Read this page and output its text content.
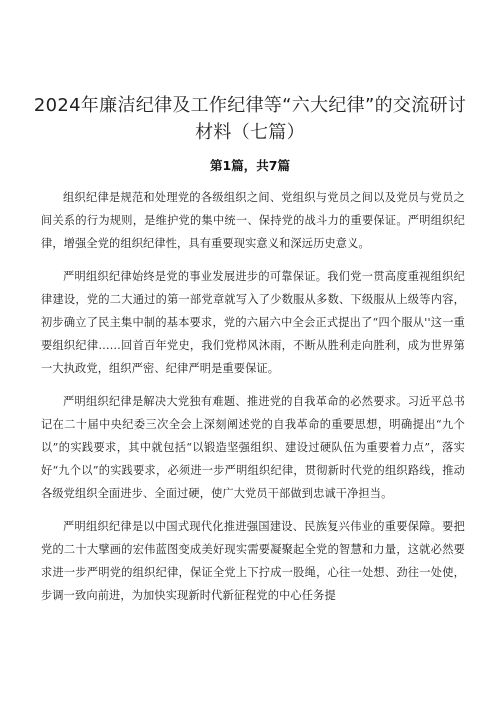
2024年廉洁纪律及工作纪律等“六大纪律”的交流研讨
材料（七篇）
第1篇，共7篇

组织纪律是规范和处理党的各级组织之间、党组织与党员之间以及党员与党员之间关系的行为规则，是维护党的集中统一、保持党的战斗力的重要保证。严明组织纪律，增强全党的组织纪律性，具有重要现实意义和深远历史意义。

严明组织纪律始终是党的事业发展进步的可靠保证。我们党一贯高度重视组织纪律建设，党的二大通过的第一部党章就写入了少数服从多数、下级服从上级等内容，初步确立了民主集中制的基本要求，党的六届六中全会正式提出了“四个服从''这一重要组织纪律……回首百年党史，我们党栉风沐雨，不断从胜利走向胜利，成为世界第一大执政党，组织严密、纪律严明是重要保证。

严明组织纪律是解决大党独有难题、推进党的自我革命的必然要求。习近平总书记在二十届中央纪委三次全会上深刻阐述党的自我革命的重要思想，明确提出“九个以”的实践要求，其中就包括“以锻造坚强组织、建设过硬队伍为重要着力点”，落实好“九个以”的实践要求，必须进一步严明组织纪律，贯彻新时代党的组织路线，推动各级党组织全面进步、全面过硬，使广大党员干部做到忠诚干净担当。

严明组织纪律是以中国式现代化推进强国建设、民族复兴伟业的重要保障。要把党的二十大擘画的宏伟蓝图变成美好现实需要凝聚起全党的智慧和力量，这就必然要求进一步严明党的组织纪律，保证全党上下拧成一股绳，心往一处想、劲往一处使，步调一致向前进，为加快实现新时代新征程党的中心任务提
